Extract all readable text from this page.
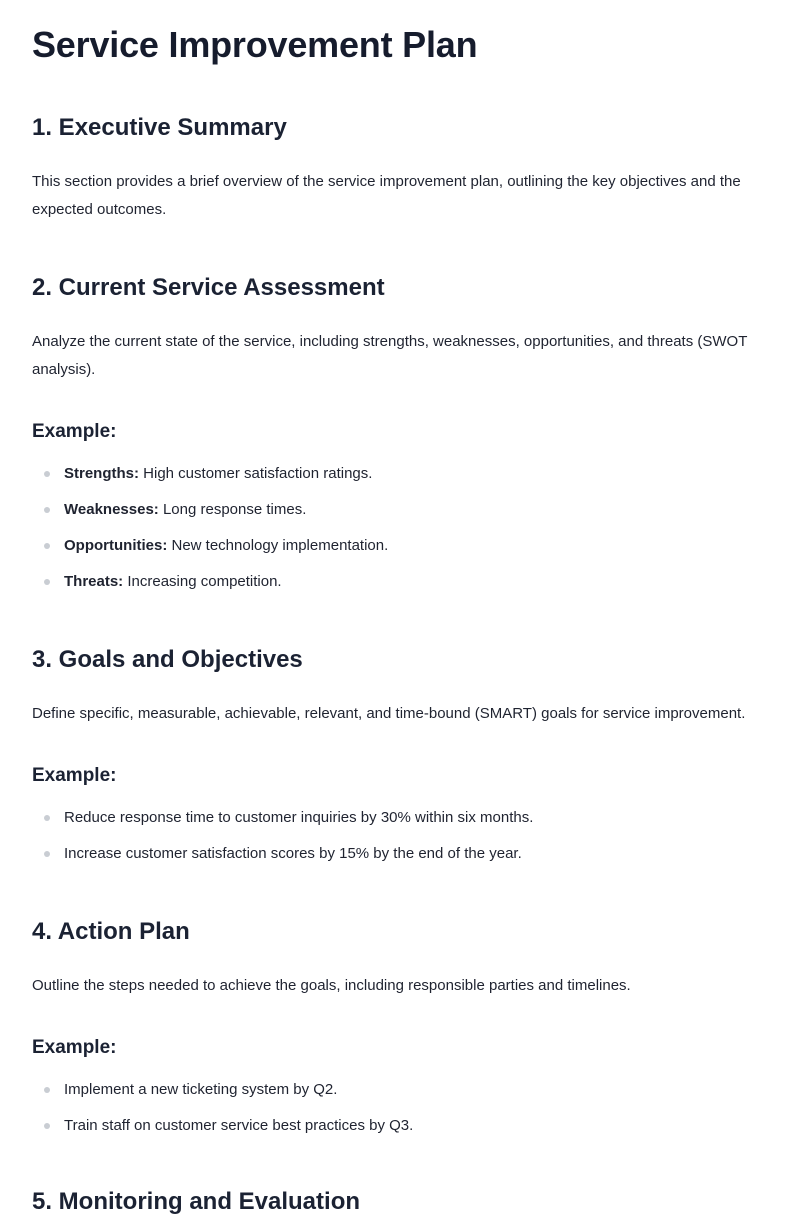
Service Improvement Plan
1. Executive Summary

This section provides a brief overview of the service improvement plan, outlining the key objectives and the expected outcomes.

2. Current Service Assessment

Analyze the current state of the service, including strengths, weaknesses, opportunities, and threats (SWOT analysis).

Example:
Strengths: High customer satisfaction ratings.
Weaknesses: Long response times.
Opportunities: New technology implementation.
Threats: Increasing competition.
3. Goals and Objectives

Define specific, measurable, achievable, relevant, and time-bound (SMART) goals for service improvement.

Example:
Reduce response time to customer inquiries by 30% within six months.
Increase customer satisfaction scores by 15% by the end of the year.
4. Action Plan

Outline the steps needed to achieve the goals, including responsible parties and timelines.

Example:
Implement a new ticketing system by Q2.
Train staff on customer service best practices by Q3.
5. Monitoring and Evaluation
